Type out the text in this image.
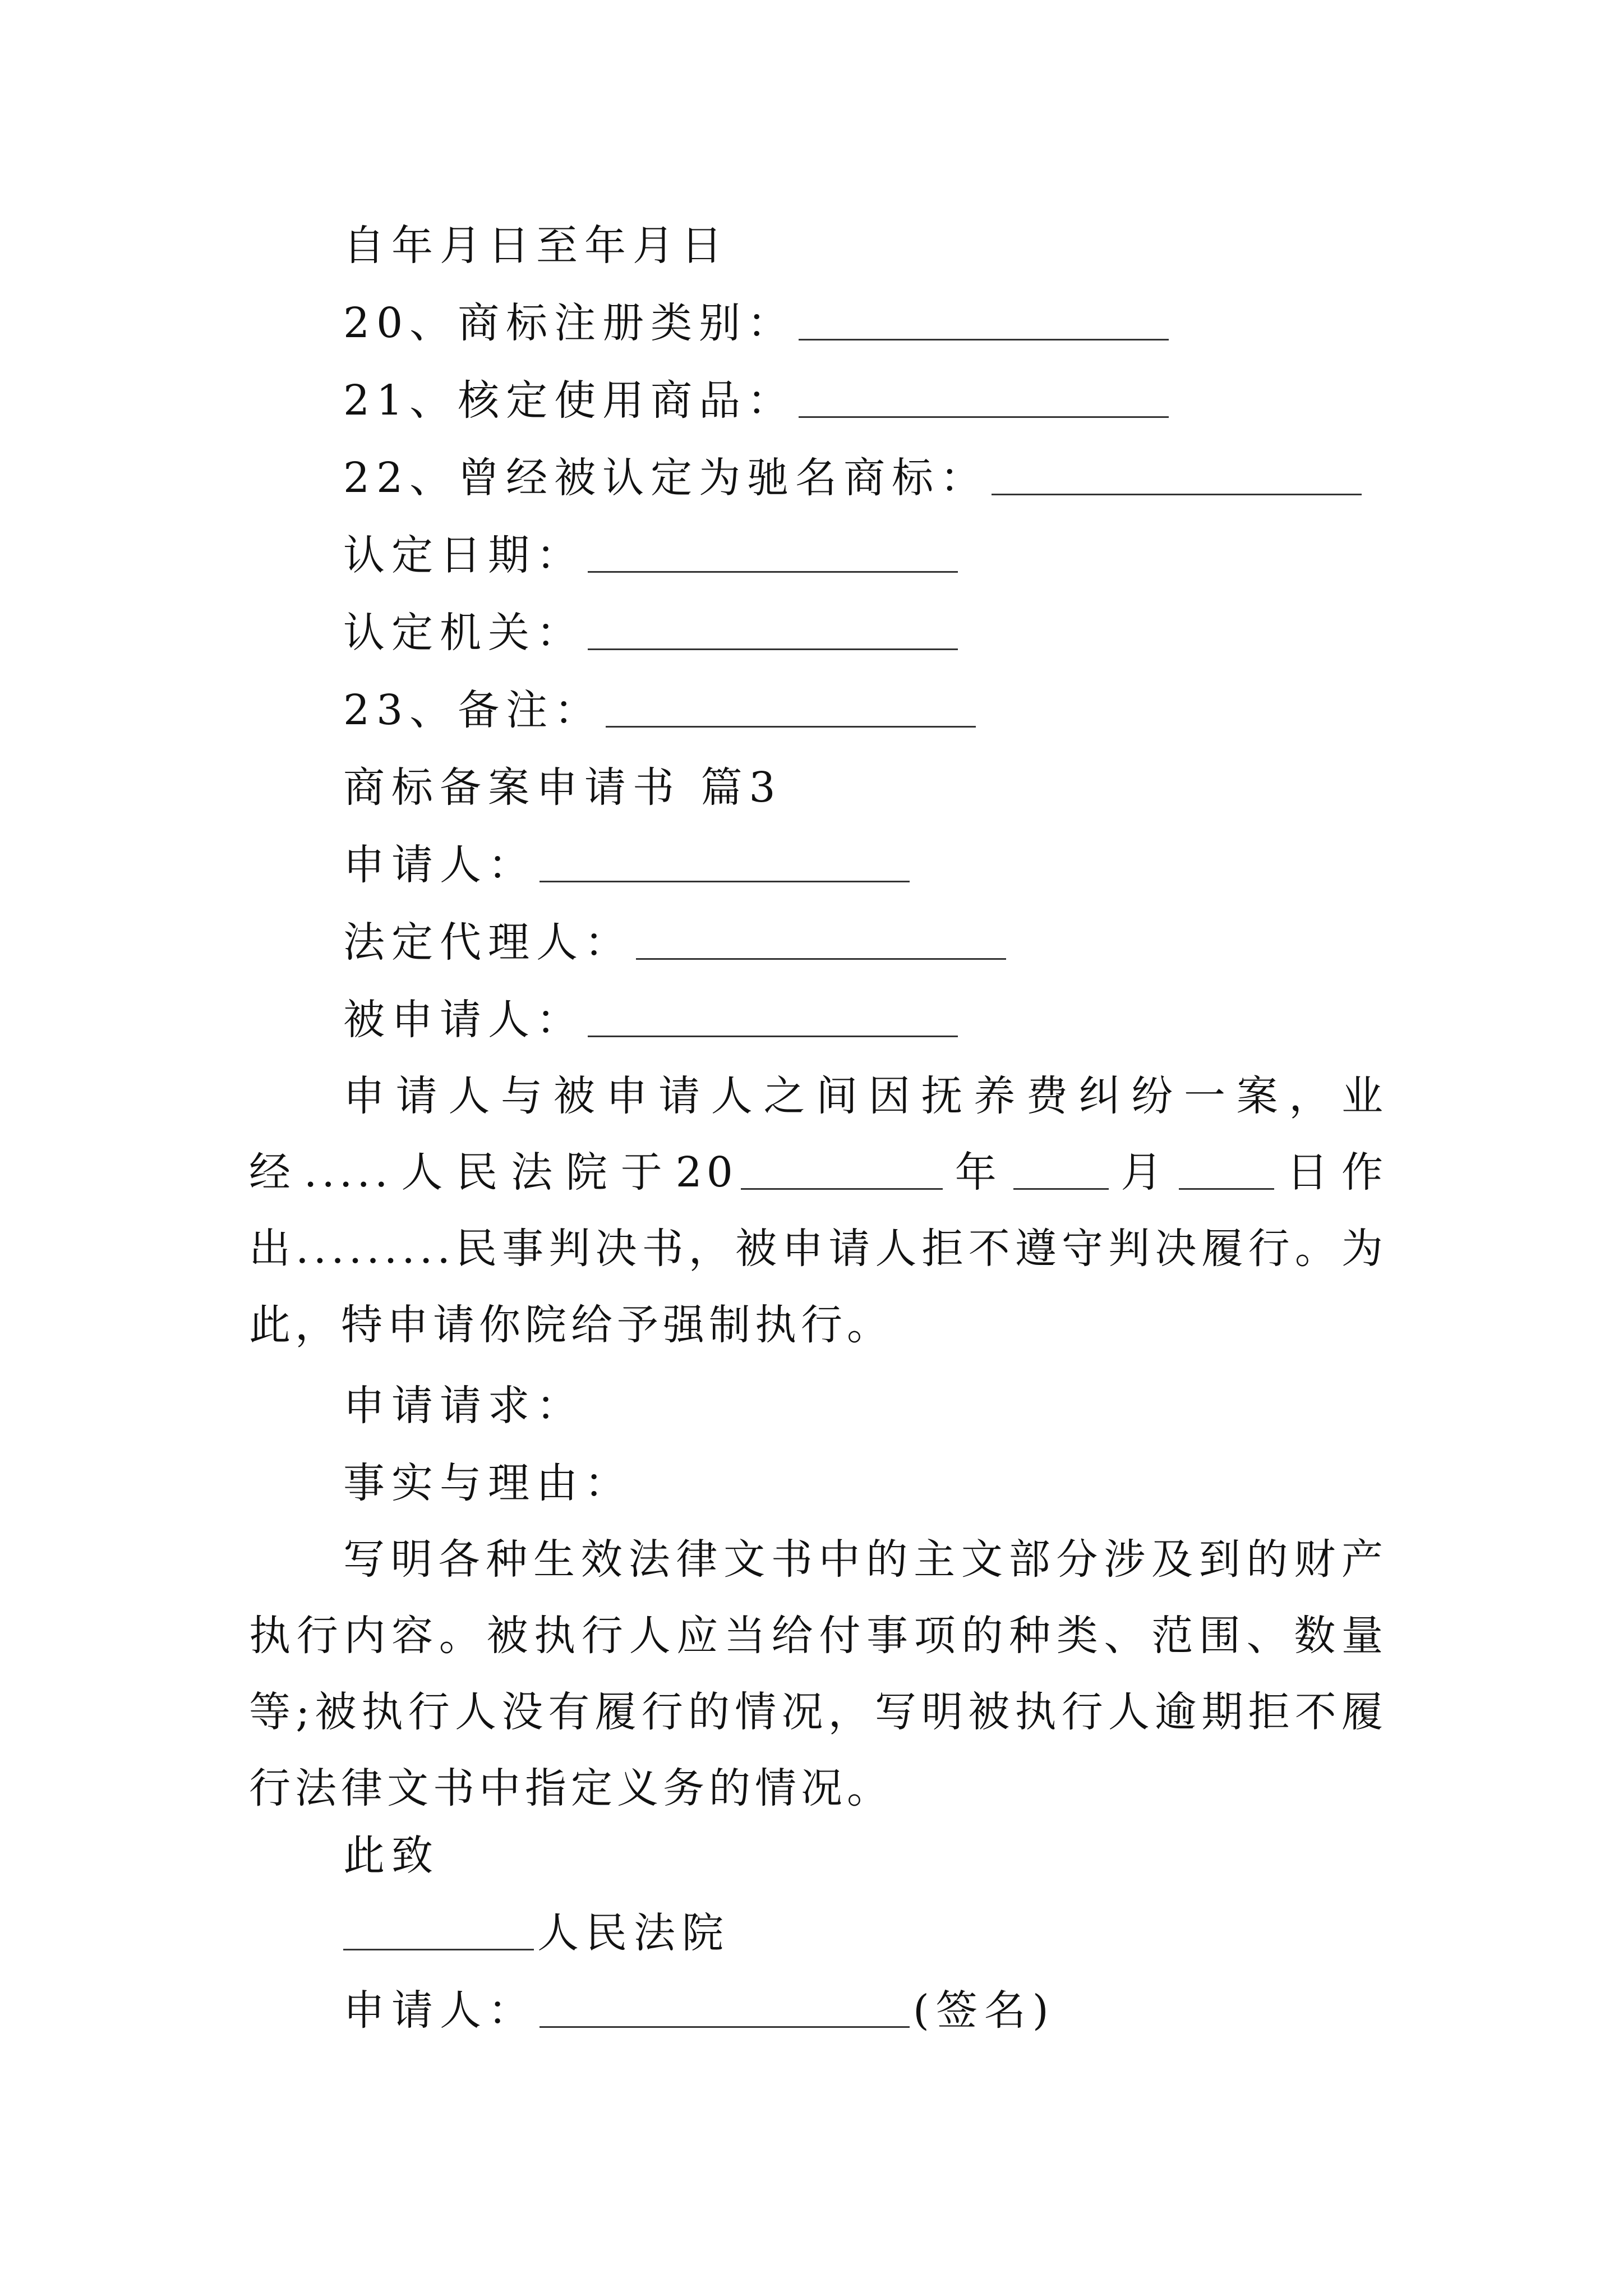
自年月日至年月日
20、商标注册类别：
21、核定使用商品：
22、曾经被认定为驰名商标：
认定日期：
认定机关：
23、备注：
商标备案申请书 篇3
申请人：
法定代理人：
被申请人：
申请人与被申请人之间因抚养费纠纷一案，业经.....人民法院于20	年 月 日作出.........民事判决书，被申请人拒不遵守判决履行。为此，特申请你院给予强制执行。
申请请求：
事实与理由：
写明各种生效法律文书中的主文部分涉及到的财产执行内容。被执行人应当给付事项的种类、范围、数量等;被执行人没有履行的情况，写明被执行人逾期拒不履行法律文书中指定义务的情况。
此致
人民法院
申请人：	(签名)
